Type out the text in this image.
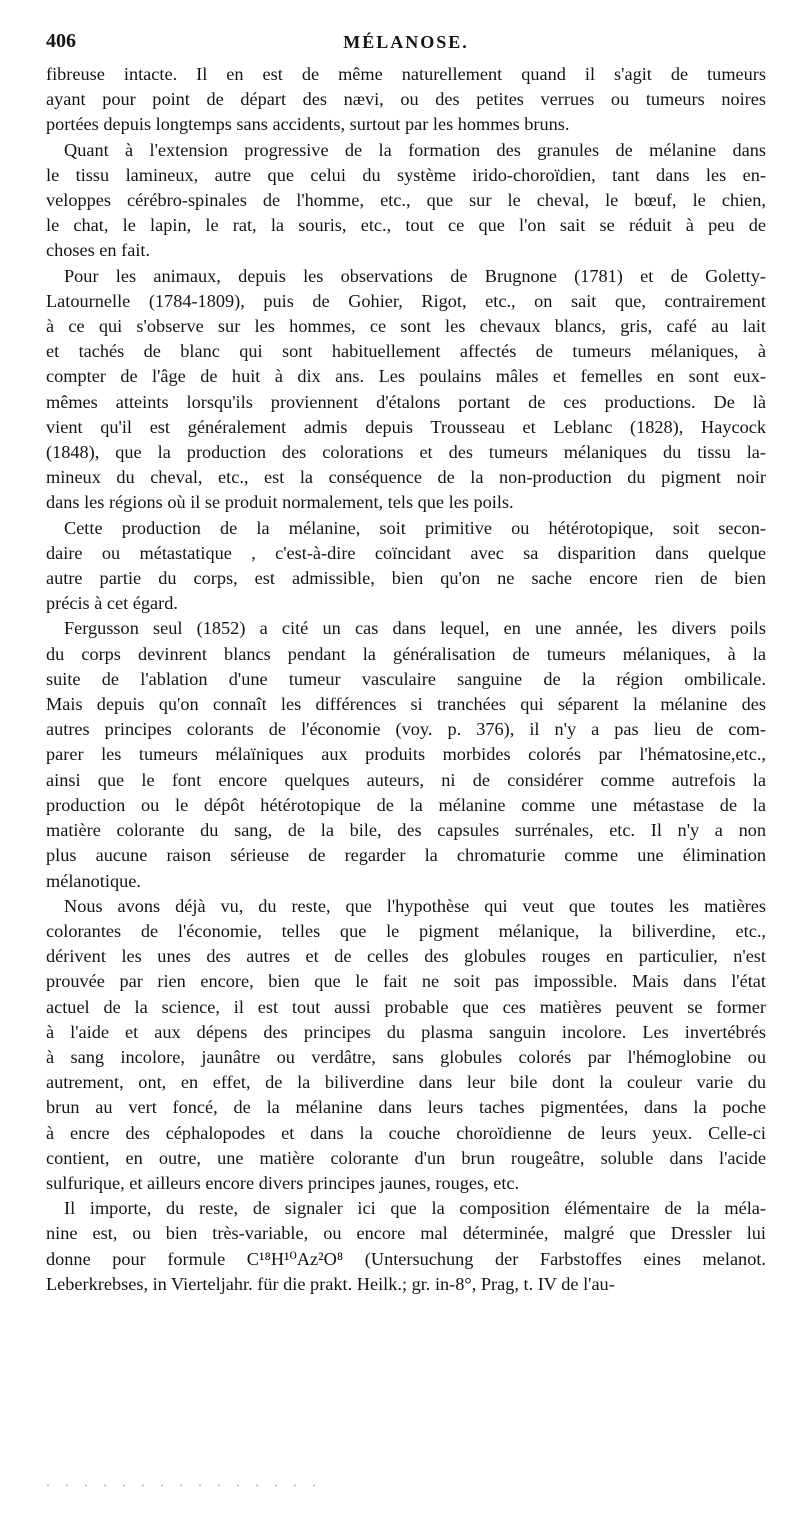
406	MÉLANOSE.
fibreuse intacte. Il en est de même naturellement quand il s'agit de tumeurs
ayant pour point de départ des nævi, ou des petites verrues ou tumeurs noires
portées depuis longtemps sans accidents, surtout par les hommes bruns.
Quant à l'extension progressive de la formation des granules de mélanine dans
le tissu lamineux, autre que celui du système irido-choroïdien, tant dans les en-
veloppes cérébro-spinales de l'homme, etc., que sur le cheval, le bœuf, le chien,
le chat, le lapin, le rat, la souris, etc., tout ce que l'on sait se réduit à peu de
choses en fait.
Pour les animaux, depuis les observations de Brugnone (1781) et de Goletty-
Latournelle (1784-1809), puis de Gohier, Rigot, etc., on sait que, contrairement
à ce qui s'observe sur les hommes, ce sont les chevaux blancs, gris, café au lait
et tachés de blanc qui sont habituellement affectés de tumeurs mélaniques, à
compter de l'âge de huit à dix ans. Les poulains mâles et femelles en sont eux-
mêmes atteints lorsqu'ils proviennent d'étalons portant de ces productions. De là
vient qu'il est généralement admis depuis Trousseau et Leblanc (1828), Haycock
(1848), que la production des colorations et des tumeurs mélaniques du tissu la-
mineux du cheval, etc., est la conséquence de la non-production du pigment noir
dans les régions où il se produit normalement, tels que les poils.
Cette production de la mélanine, soit primitive ou hétérotopique, soit secon-
daire ou métastatique , c'est-à-dire coïncidant avec sa disparition dans quelque
autre partie du corps, est admissible, bien qu'on ne sache encore rien de bien
précis à cet égard.
Fergusson seul (1852) a cité un cas dans lequel, en une année, les divers poils
du corps devinrent blancs pendant la généralisation de tumeurs mélaniques, à la
suite de l'ablation d'une tumeur vasculaire sanguine de la région ombilicale.
Mais depuis qu'on connaît les différences si tranchées qui séparent la mélanine des
autres principes colorants de l'économie (voy. p. 376), il n'y a pas lieu de com-
parer les tumeurs mélaïniques aux produits morbides colorés par l'hématosine,etc.,
ainsi que le font encore quelques auteurs, ni de considérer comme autrefois la
production ou le dépôt hétérotopique de la mélanine comme une métastase de la
matière colorante du sang, de la bile, des capsules surrénales, etc. Il n'y a non
plus aucune raison sérieuse de regarder la chromaturie comme une élimination
mélanotique.
Nous avons déjà vu, du reste, que l'hypothèse qui veut que toutes les matières
colorantes de l'économie, telles que le pigment mélanique, la biliverdine, etc.,
dérivent les unes des autres et de celles des globules rouges en particulier, n'est
prouvée par rien encore, bien que le fait ne soit pas impossible. Mais dans l'état
actuel de la science, il est tout aussi probable que ces matières peuvent se former
à l'aide et aux dépens des principes du plasma sanguin incolore. Les invertébrés
à sang incolore, jaunâtre ou verdâtre, sans globules colorés par l'hémoglobine ou
autrement, ont, en effet, de la biliverdine dans leur bile dont la couleur varie du
brun au vert foncé, de la mélanine dans leurs taches pigmentées, dans la poche
à encre des céphalopodes et dans la couche choroïdienne de leurs yeux. Celle-ci
contient, en outre, une matière colorante d'un brun rougeâtre, soluble dans l'acide
sulfurique, et ailleurs encore divers principes jaunes, rouges, etc.
Il importe, du reste, de signaler ici que la composition élémentaire de la méla-
nine est, ou bien très-variable, ou encore mal déterminée, malgré que Dressler lui
donne pour formule C¹⁸H¹⁰Az²O⁸ (Untersuchung der Farbstoffes eines melanot.
Leberkrebses, in Vierteljahr. für die prakt. Heilk.; gr. in-8°, Prag, t. IV de l'au-
· · · · · · · · · · · · · · ·
